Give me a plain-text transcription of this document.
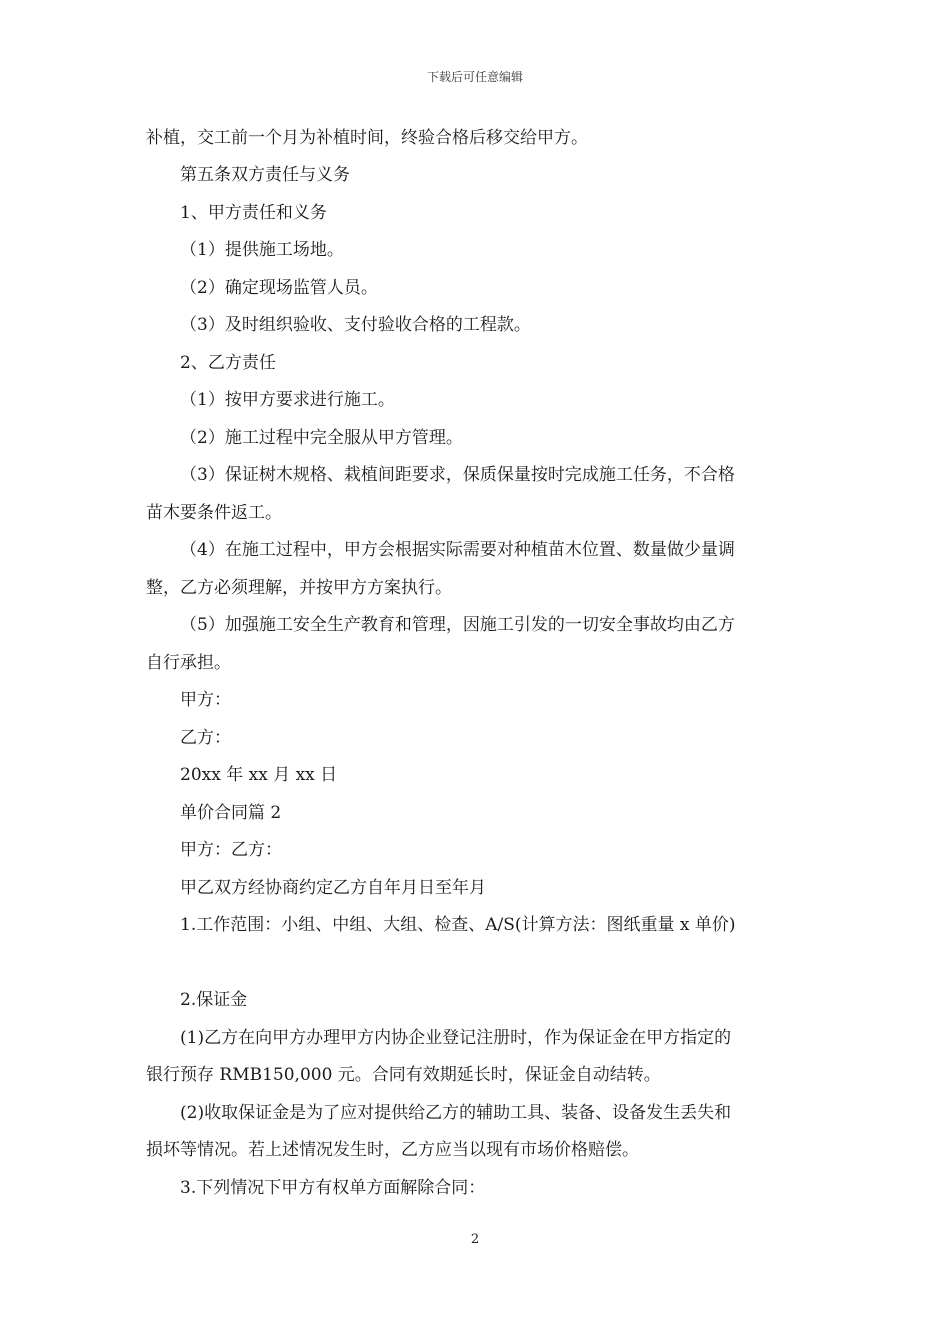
下载后可任意编辑
补植，交工前一个月为补植时间，终验合格后移交给甲方。
第五条双方责任与义务
1、甲方责任和义务
（1）提供施工场地。
（2）确定现场监管人员。
（3）及时组织验收、支付验收合格的工程款。
2、乙方责任
（1）按甲方要求进行施工。
（2）施工过程中完全服从甲方管理。
（3）保证树木规格、栽植间距要求，保质保量按时完成施工任务，不合格
苗木要条件返工。
（4）在施工过程中，甲方会根据实际需要对种植苗木位置、数量做少量调
整，乙方必须理解，并按甲方方案执行。
（5）加强施工安全生产教育和管理，因施工引发的一切安全事故均由乙方
自行承担。
甲方：
乙方：
20xx 年 xx 月 xx 日
单价合同篇 2
甲方：乙方：
甲乙双方经协商约定乙方自年月日至年月
1.工作范围：小组、中组、大组、检查、A/S(计算方法：图纸重量 x 单价)
2.保证金
(1)乙方在向甲方办理甲方内协企业登记注册时，作为保证金在甲方指定的
银行预存 RMB150,000 元。合同有效期延长时，保证金自动结转。
(2)收取保证金是为了应对提供给乙方的辅助工具、装备、设备发生丢失和
损坏等情况。若上述情况发生时，乙方应当以现有市场价格赔偿。
3.下列情况下甲方有权单方面解除合同：
2
